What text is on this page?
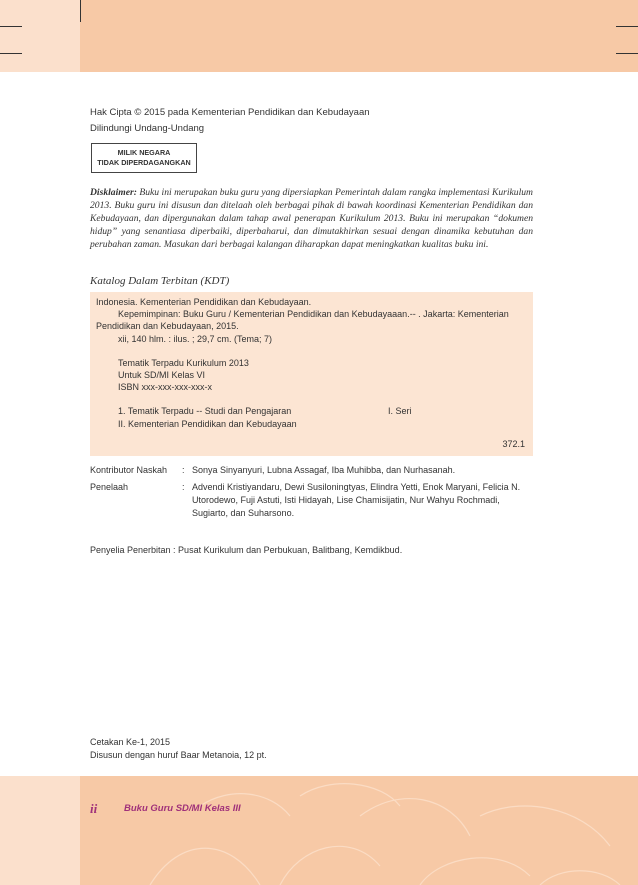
Hak Cipta © 2015 pada Kementerian Pendidikan dan Kebudayaan
Dilindungi Undang-Undang
MILIK NEGARA
TIDAK DIPERDAGANGKAN
Disklaimer: Buku ini merupakan buku guru yang dipersiapkan Pemerintah dalam rangka implementasi Kurikulum 2013. Buku guru ini disusun dan ditelaah oleh berbagai pihak di bawah koordinasi Kementerian Pendidikan dan Kebudayaan, dan dipergunakan dalam tahap awal penerapan Kurikulum 2013. Buku ini merupakan “dokumen hidup” yang senantiasa diperbaiki, diperbaharui, dan dimutakhirkan sesuai dengan dinamika kebutuhan dan perubahan zaman. Masukan dari berbagai kalangan diharapkan dapat meningkatkan kualitas buku ini.
Katalog Dalam Terbitan (KDT)
Indonesia. Kementerian Pendidikan dan Kebudayaan.
Kepemimpinan: Buku Guru / Kementerian Pendidikan dan Kebudayaaan.-- . Jakarta: Kementerian
Pendidikan dan Kebudayaan, 2015.
xii, 140 hlm. : ilus. ; 29,7 cm. (Tema; 7)
Tematik Terpadu Kurikulum 2013
Untuk SD/MI Kelas VI
ISBN xxx-xxx-xxx-xxx-x
1. Tematik Terpadu -- Studi dan Pengajaran	I. Seri
II. Kementerian Pendidikan dan Kebudayaan
372.1
Kontributor Naskah	: Sonya Sinyanyuri, Lubna Assagaf, Iba Muhibba, dan Nurhasanah.
Penelaah	: Advendi Kristiyandaru, Dewi Susiloningtyas, Elindra Yetti, Enok Maryani, Felicia N. Utorodewo, Fuji Astuti, Isti Hidayah, Lise Chamisijatin, Nur Wahyu Rochmadi, Sugiarto, dan Suharsono.
Penyelia Penerbitan : Pusat Kurikulum dan Perbukuan, Balitbang, Kemdikbud.
Cetakan Ke-1, 2015
Disusun dengan huruf Baar Metanoia, 12 pt.
ii	Buku Guru SD/MI Kelas III
